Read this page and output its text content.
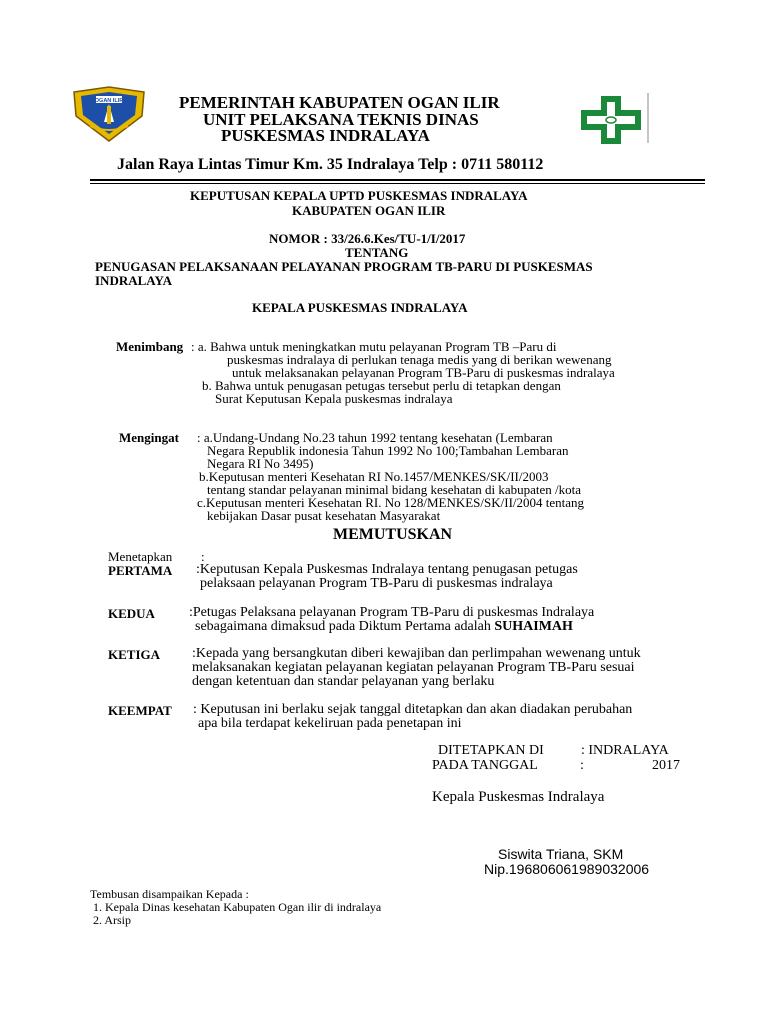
OGAN ILIR	PEMERINTAH KABUPATEN OGAN ILIR
UNIT PELAKSANA TEKNIS DINAS
PUSKESMAS INDRALAYA
Jalan Raya Lintas Timur Km. 35 Indralaya Telp : 0711 580112
KEPUTUSAN KEPALA UPTD PUSKESMAS INDRALAYA
KABUPATEN OGAN ILIR
NOMOR : 33/26.6.Kes/TU-1/I/2017
TENTANG
PENUGASAN PELAKSANAAN PELAYANAN PROGRAM TB-PARU DI PUSKESMAS
INDRALAYA
KEPALA PUSKESMAS INDRALAYA
Menimbang : a. Bahwa untuk meningkatkan mutu pelayanan Program TB –Paru di
puskesmas indralaya di perlukan tenaga medis yang di berikan wewenang
untuk melaksanakan pelayanan Program TB-Paru di puskesmas indralaya
b. Bahwa untuk penugasan petugas tersebut perlu di tetapkan dengan
Surat Keputusan Kepala puskesmas indralaya
Mengingat : a.Undang-Undang No.23 tahun 1992 tentang kesehatan (Lembaran
Negara Republik indonesia Tahun 1992 No 100;Tambahan Lembaran
Negara RI No 3495)
b.Keputusan menteri Kesehatan RI No.1457/MENKES/SK/II/2003
tentang standar pelayanan minimal bidang kesehatan di kabupaten /kota
c.Keputusan menteri Kesehatan RI. No 128/MENKES/SK/II/2004 tentang
kebijakan Dasar pusat kesehatan Masyarakat
MEMUTUSKAN
Menetapkan :
PERTAMA :Keputusan Kepala Puskesmas Indralaya tentang penugasan petugas
pelaksaan pelayanan Program TB-Paru di puskesmas indralaya
KEDUA :Petugas Pelaksana pelayanan Program TB-Paru di puskesmas Indralaya
sebagaimana dimaksud pada Diktum Pertama adalah SUHAIMAH
KETIGA :Kepada yang bersangkutan diberi kewajiban dan perlimpahan wewenang untuk
melaksanakan kegiatan pelayanan kegiatan pelayanan Program TB-Paru sesuai
dengan ketentuan dan standar pelayanan yang berlaku
KEEMPAT : Keputusan ini berlaku sejak tanggal ditetapkan dan akan diadakan perubahan
apa bila terdapat kekeliruan pada penetapan ini
DITETAPKAN DI	: INDRALAYA
PADA TANGGAL	:	2017
Kepala Puskesmas Indralaya
Siswita Triana, SKM
Nip.196806061989032006
Tembusan disampaikan Kepada :
1. Kepala Dinas kesehatan Kabupaten Ogan ilir di indralaya
2. Arsip
